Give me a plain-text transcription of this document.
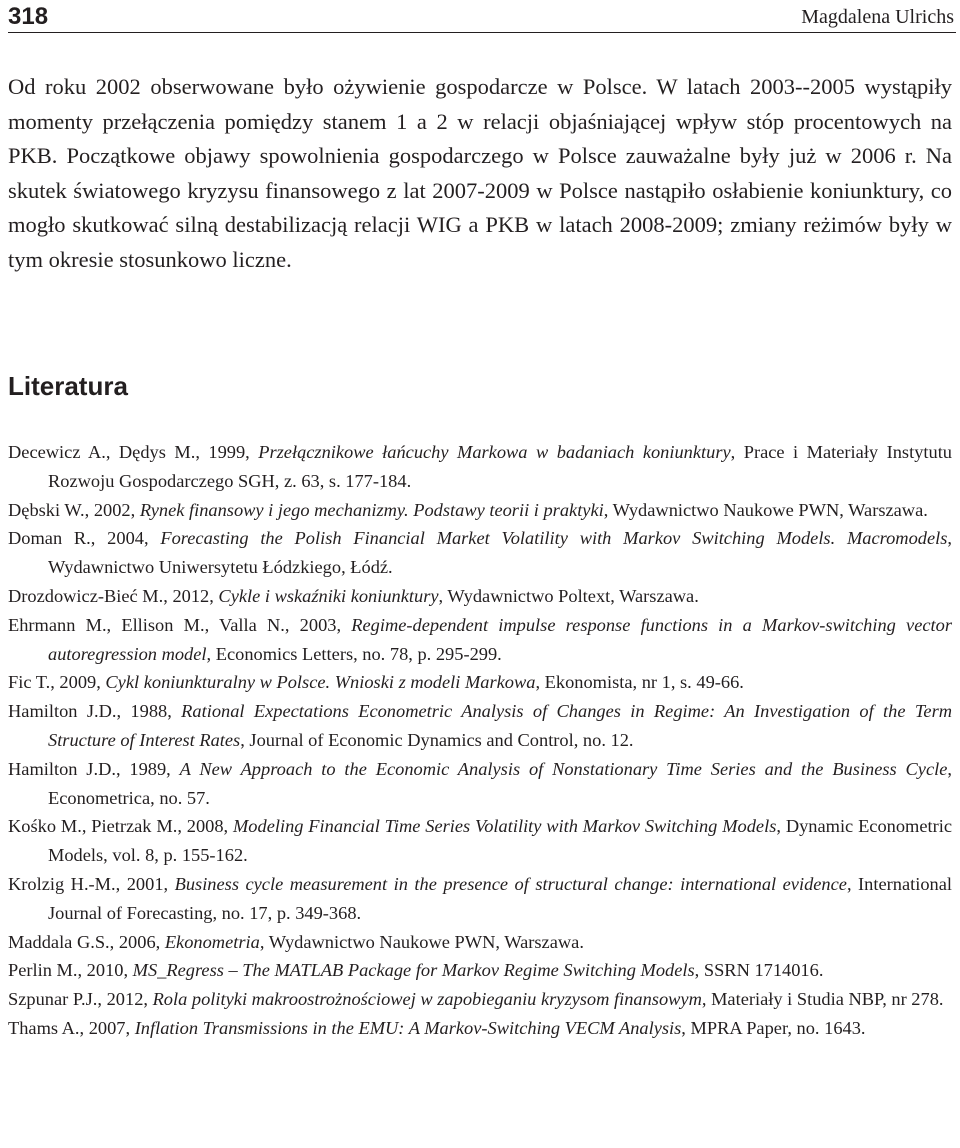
318	Magdalena Ulrichs

Od roku 2002 obserwowane było ożywienie gospodarcze w Polsce. W latach 2003--2005 wystąpiły momenty przełączenia pomiędzy stanem 1 a 2 w relacji objaśniającej wpływ stóp procentowych na PKB. Początkowe objawy spowolnienia gospodarczego w Polsce zauważalne były już w 2006 r. Na skutek światowego kryzysu finansowego z lat 2007-2009 w Polsce nastąpiło osłabienie koniunktury, co mogło skutkować silną destabilizacją relacji WIG a PKB w latach 2008-2009; zmiany reżimów były w tym okresie stosunkowo liczne.

Literatura

Decewicz A., Dędys M., 1999, Przełącznikowe łańcuchy Markowa w badaniach koniunktury, Prace i Materiały Instytutu Rozwoju Gospodarczego SGH, z. 63, s. 177-184.

Dębski W., 2002, Rynek finansowy i jego mechanizmy. Podstawy teorii i praktyki, Wydawnictwo Naukowe PWN, Warszawa.

Doman R., 2004, Forecasting the Polish Financial Market Volatility with Markov Switching Models. Macromodels, Wydawnictwo Uniwersytetu Łódzkiego, Łódź.

Drozdowicz-Bieć M., 2012, Cykle i wskaźniki koniunktury, Wydawnictwo Poltext, Warszawa.

Ehrmann M., Ellison M., Valla N., 2003, Regime-dependent impulse response functions in a Markov-switching vector autoregression model, Economics Letters, no. 78, p. 295-299.

Fic T., 2009, Cykl koniunkturalny w Polsce. Wnioski z modeli Markowa, Ekonomista, nr 1, s. 49-66.

Hamilton J.D., 1988, Rational Expectations Econometric Analysis of Changes in Regime: An Investigation of the Term Structure of Interest Rates, Journal of Economic Dynamics and Control, no. 12.

Hamilton J.D., 1989, A New Approach to the Economic Analysis of Nonstationary Time Series and the Business Cycle, Econometrica, no. 57.

Kośko M., Pietrzak M., 2008, Modeling Financial Time Series Volatility with Markov Switching Models, Dynamic Econometric Models, vol. 8, p. 155-162.

Krolzig H.-M., 2001, Business cycle measurement in the presence of structural change: international evidence, International Journal of Forecasting, no. 17, p. 349-368.

Maddala G.S., 2006, Ekonometria, Wydawnictwo Naukowe PWN, Warszawa.

Perlin M., 2010, MS_Regress – The MATLAB Package for Markov Regime Switching Models, SSRN 1714016.

Szpunar P.J., 2012, Rola polityki makroostrożnościowej w zapobieganiu kryzysom finansowym, Materiały i Studia NBP, nr 278.

Thams A., 2007, Inflation Transmissions in the EMU: A Markov-Switching VECM Analysis, MPRA Paper, no. 1643.
